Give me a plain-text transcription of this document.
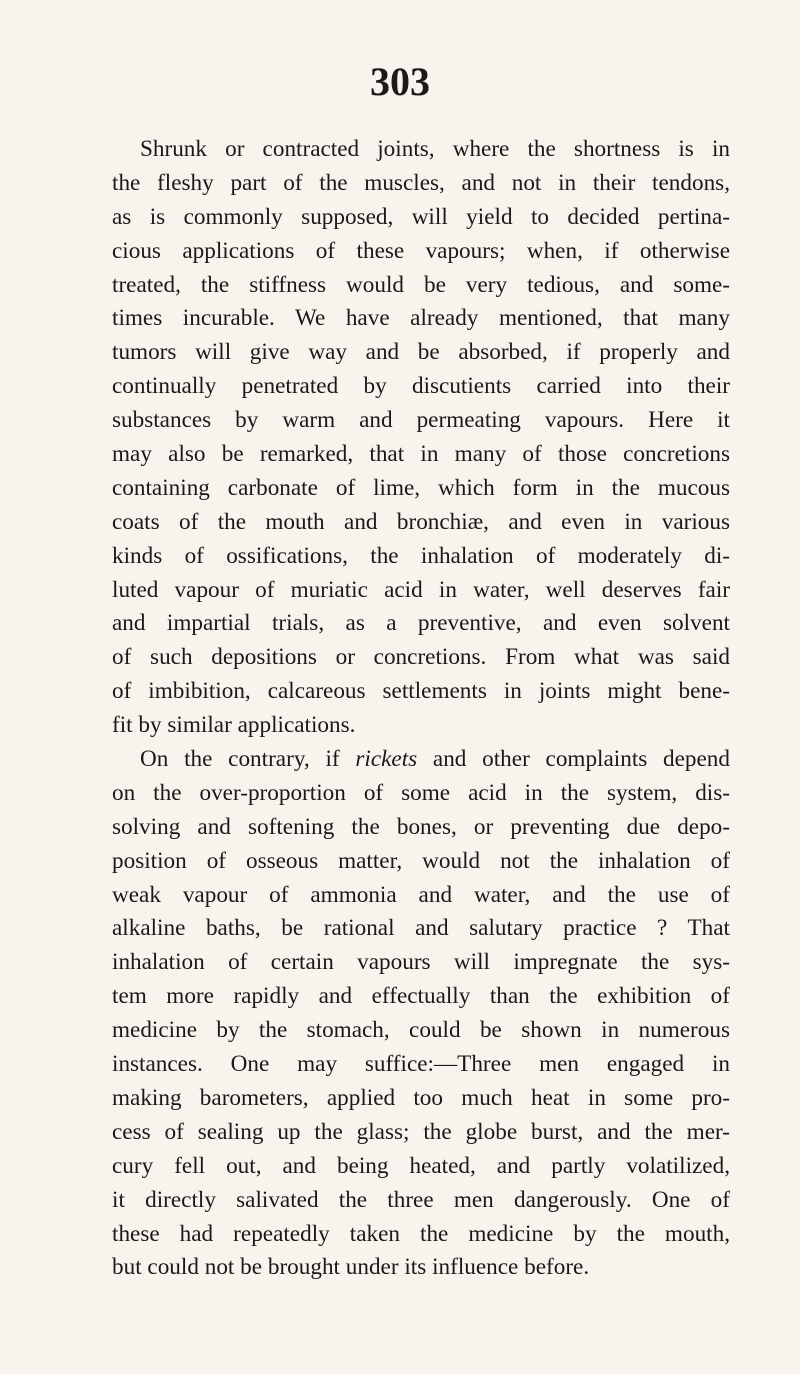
303
Shrunk or contracted joints, where the shortness is in
the fleshy part of the muscles, and not in their tendons,
as is commonly supposed, will yield to decided pertina-
cious applications of these vapours; when, if otherwise
treated, the stiffness would be very tedious, and some-
times incurable. We have already mentioned, that many
tumors will give way and be absorbed, if properly and
continually penetrated by discutients carried into their
substances by warm and permeating vapours. Here it
may also be remarked, that in many of those concretions
containing carbonate of lime, which form in the mucous
coats of the mouth and bronchiæ, and even in various
kinds of ossifications, the inhalation of moderately di-
luted vapour of muriatic acid in water, well deserves fair
and impartial trials, as a preventive, and even solvent
of such depositions or concretions. From what was said
of imbibition, calcareous settlements in joints might bene-
fit by similar applications.
On the contrary, if rickets and other complaints depend
on the over-proportion of some acid in the system, dis-
solving and softening the bones, or preventing due depo-
position of osseous matter, would not the inhalation of
weak vapour of ammonia and water, and the use of
alkaline baths, be rational and salutary practice ? That
inhalation of certain vapours will impregnate the sys-
tem more rapidly and effectually than the exhibition of
medicine by the stomach, could be shown in numerous
instances. One may suffice:—Three men engaged in
making barometers, applied too much heat in some pro-
cess of sealing up the glass; the globe burst, and the mer-
cury fell out, and being heated, and partly volatilized,
it directly salivated the three men dangerously. One of
these had repeatedly taken the medicine by the mouth,
but could not be brought under its influence before.
